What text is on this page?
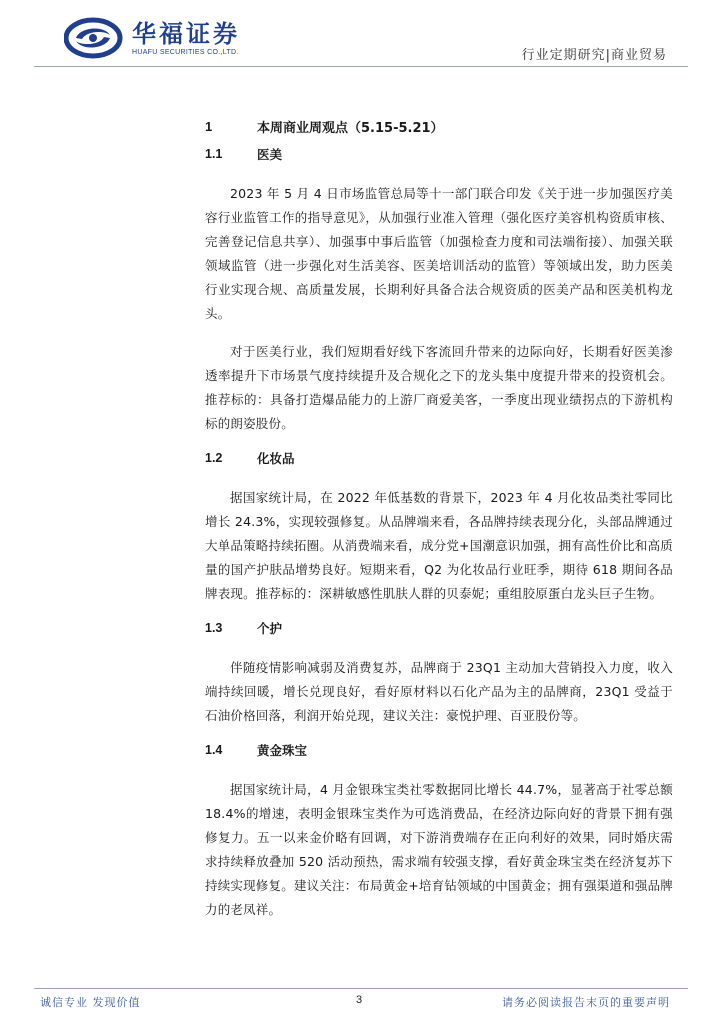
华福证券
HUAFU SECURITIES CO.,LTD.	行业定期研究|商业贸易
1	本周商业周观点（5.15-5.21）
1.1	医美

2023 年 5 月 4 日市场监管总局等十一部门联合印发《关于进一步加强医疗美容行业监管工作的指导意见》，从加强行业准入管理（强化医疗美容机构资质审核、完善登记信息共享）、加强事中事后监管（加强检查力度和司法端衔接）、加强关联领域监管（进一步强化对生活美容、医美培训活动的监管）等领域出发，助力医美行业实现合规、高质量发展，长期利好具备合法合规资质的医美产品和医美机构龙头。

对于医美行业，我们短期看好线下客流回升带来的边际向好，长期看好医美渗透率提升下市场景气度持续提升及合规化之下的龙头集中度提升带来的投资机会。推荐标的：具备打造爆品能力的上游厂商爱美客，一季度出现业绩拐点的下游机构标的朗姿股份。

1.2	化妆品

据国家统计局，在 2022 年低基数的背景下，2023 年 4 月化妆品类社零同比增长 24.3%，实现较强修复。从品牌端来看，各品牌持续表现分化，头部品牌通过大单品策略持续拓圈。从消费端来看，成分党+国潮意识加强，拥有高性价比和高质量的国产护肤品增势良好。短期来看，Q2 为化妆品行业旺季，期待 618 期间各品牌表现。推荐标的：深耕敏感性肌肤人群的贝泰妮；重组胶原蛋白龙头巨子生物。

1.3	个护

伴随疫情影响减弱及消费复苏，品牌商于 23Q1 主动加大营销投入力度，收入端持续回暖，增长兑现良好，看好原材料以石化产品为主的品牌商，23Q1 受益于石油价格回落，利润开始兑现，建议关注：豪悦护理、百亚股份等。

1.4	黄金珠宝

据国家统计局，4 月金银珠宝类社零数据同比增长 44.7%，显著高于社零总额 18.4%的增速，表明金银珠宝类作为可选消费品，在经济边际向好的背景下拥有强修复力。五一以来金价略有回调，对下游消费端存在正向利好的效果，同时婚庆需求持续释放叠加 520 活动预热，需求端有较强支撑，看好黄金珠宝类在经济复苏下持续实现修复。建议关注：布局黄金+培育钻领域的中国黄金；拥有强渠道和强品牌力的老凤祥。

诚信专业 发现价值	3	请务必阅读报告末页的重要声明
